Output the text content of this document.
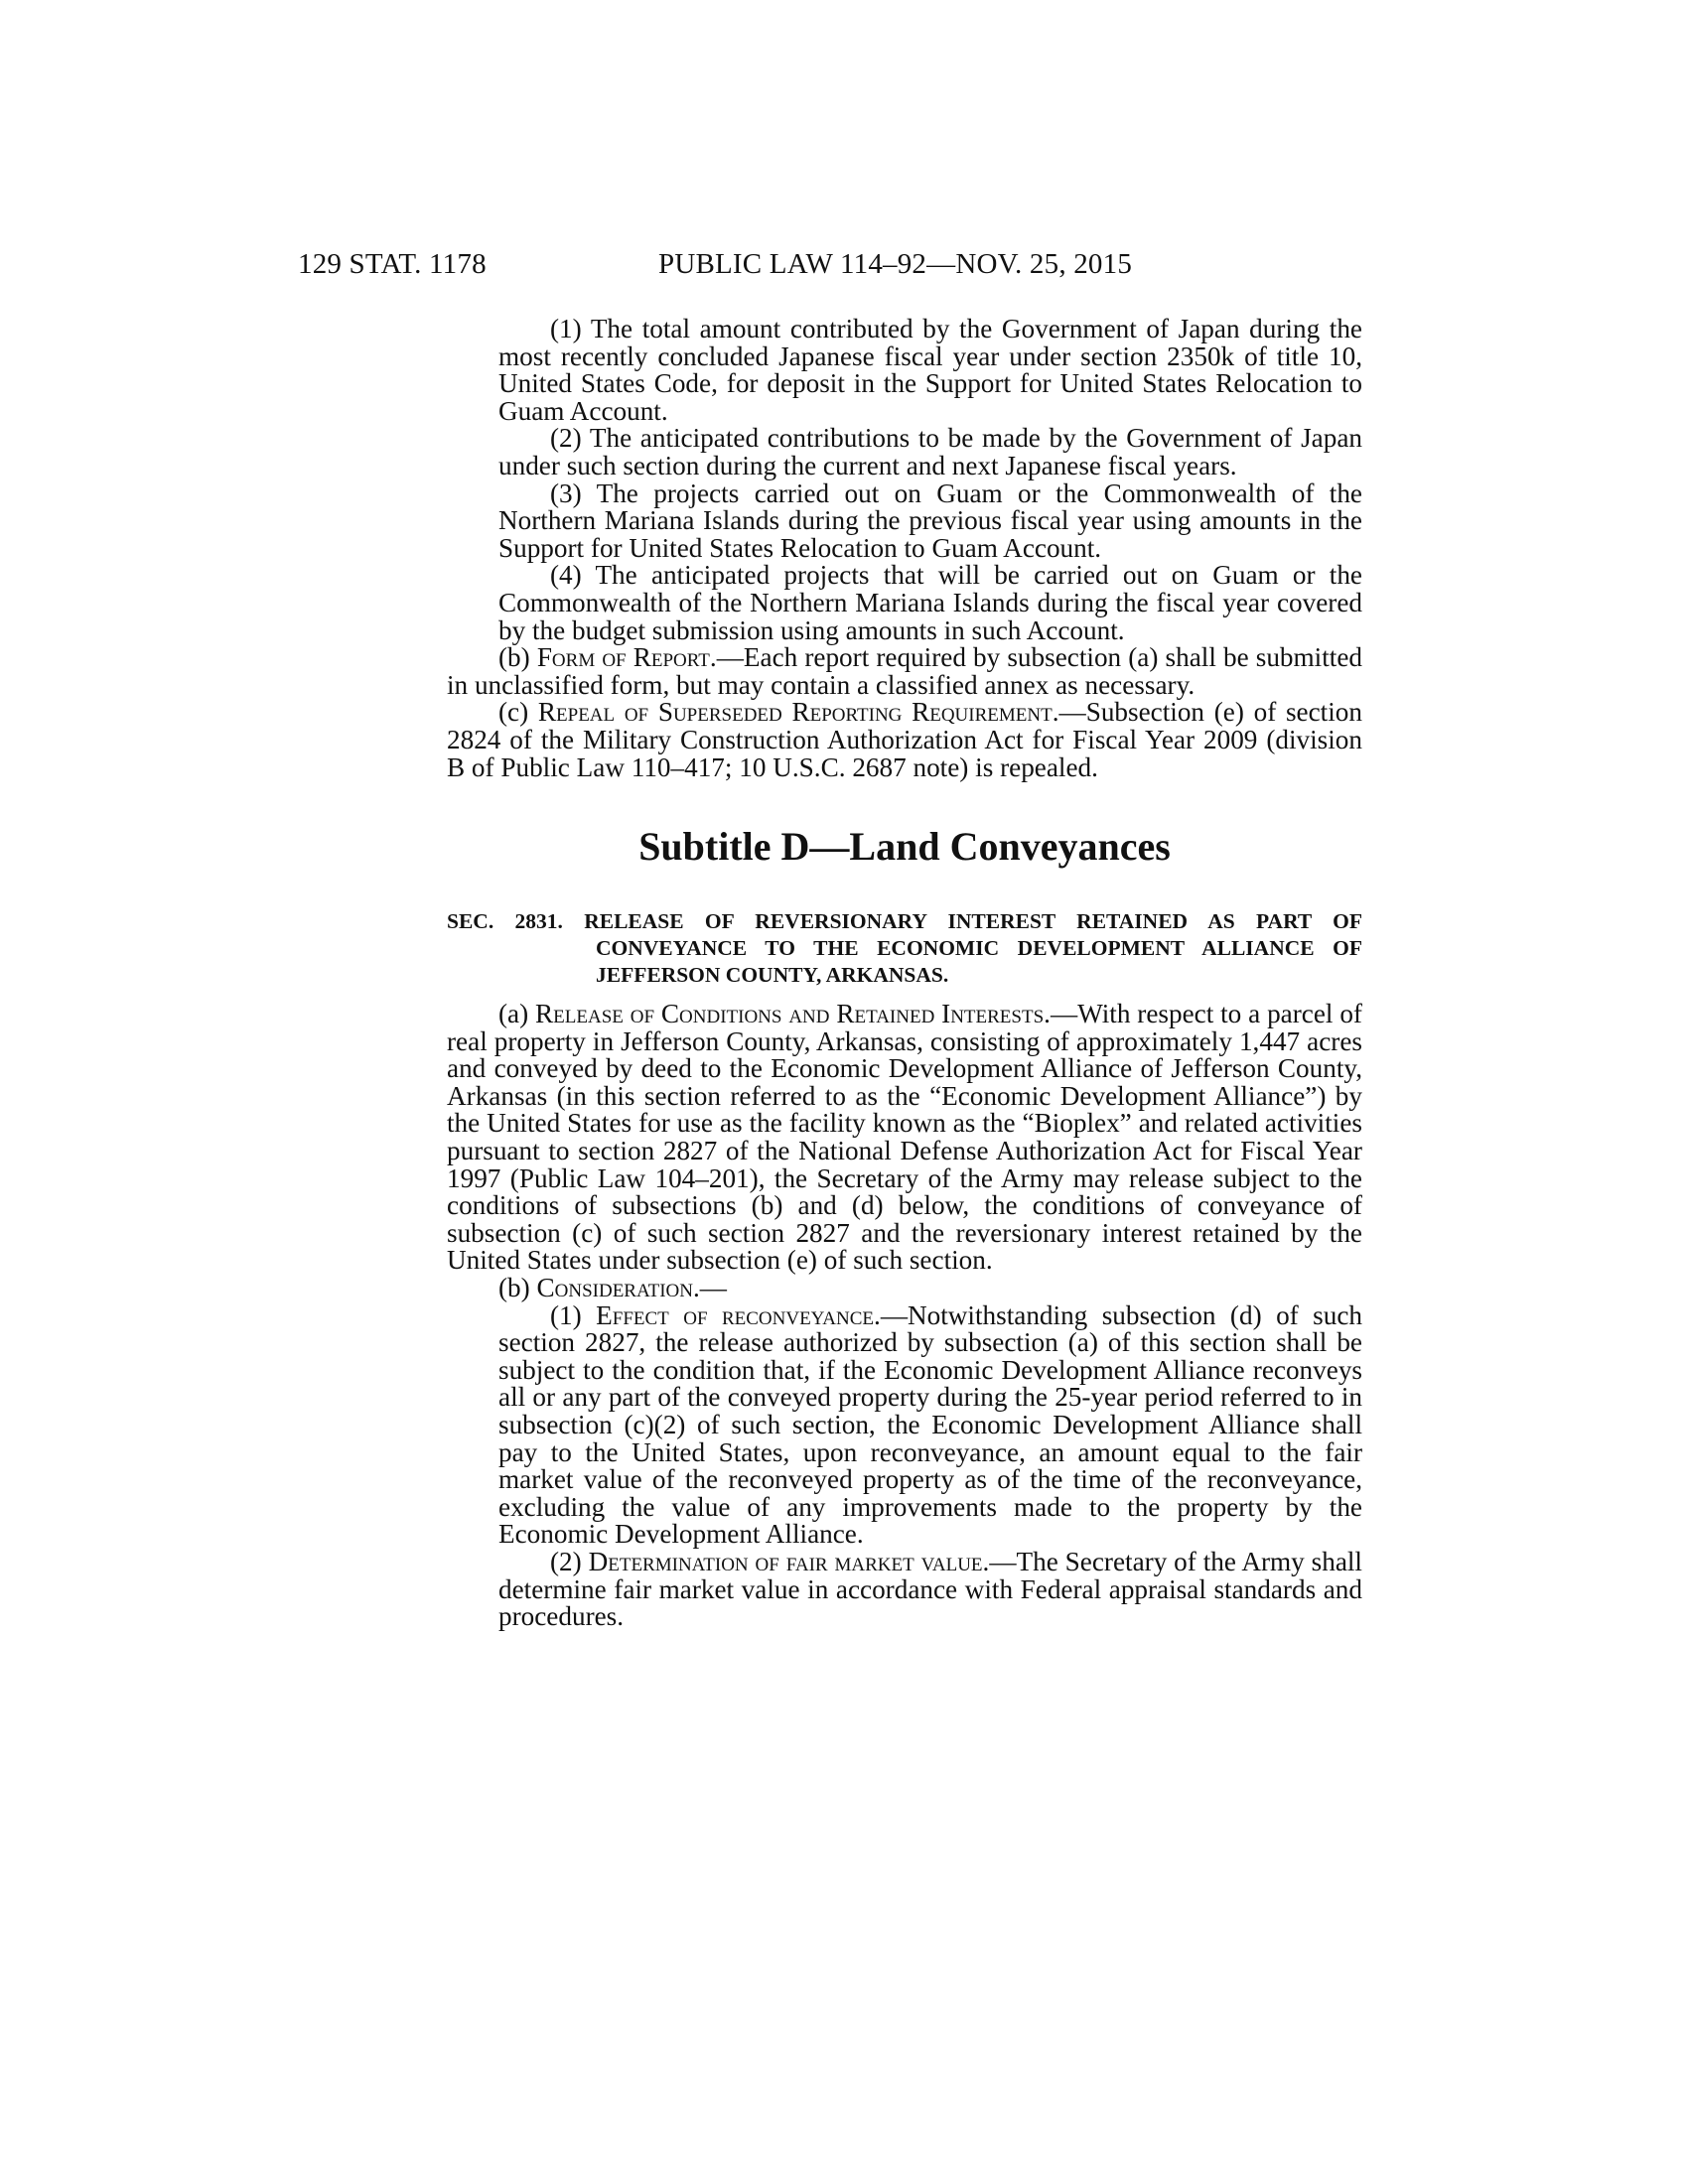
129 STAT. 1178	PUBLIC LAW 114–92—NOV. 25, 2015

(1) The total amount contributed by the Government of Japan during the most recently concluded Japanese fiscal year under section 2350k of title 10, United States Code, for deposit in the Support for United States Relocation to Guam Account.

(2) The anticipated contributions to be made by the Government of Japan under such section during the current and next Japanese fiscal years.

(3) The projects carried out on Guam or the Commonwealth of the Northern Mariana Islands during the previous fiscal year using amounts in the Support for United States Relocation to Guam Account.

(4) The anticipated projects that will be carried out on Guam or the Commonwealth of the Northern Mariana Islands during the fiscal year covered by the budget submission using amounts in such Account.

(b) Form of Report.—Each report required by subsection (a) shall be submitted in unclassified form, but may contain a classified annex as necessary.

(c) Repeal of Superseded Reporting Requirement.—Subsection (e) of section 2824 of the Military Construction Authorization Act for Fiscal Year 2009 (division B of Public Law 110–417; 10 U.S.C. 2687 note) is repealed.

Subtitle D—Land Conveyances

SEC. 2831. RELEASE OF REVERSIONARY INTEREST RETAINED AS PART OF CONVEYANCE TO THE ECONOMIC DEVELOPMENT ALLIANCE OF JEFFERSON COUNTY, ARKANSAS.

(a) Release of Conditions and Retained Interests.—With respect to a parcel of real property in Jefferson County, Arkansas, consisting of approximately 1,447 acres and conveyed by deed to the Economic Development Alliance of Jefferson County, Arkansas (in this section referred to as the “Economic Development Alliance”) by the United States for use as the facility known as the “Bioplex” and related activities pursuant to section 2827 of the National Defense Authorization Act for Fiscal Year 1997 (Public Law 104–201), the Secretary of the Army may release subject to the conditions of subsections (b) and (d) below, the conditions of conveyance of subsection (c) of such section 2827 and the reversionary interest retained by the United States under subsection (e) of such section.

(b) Consideration.—

(1) Effect of reconveyance.—Notwithstanding subsection (d) of such section 2827, the release authorized by subsection (a) of this section shall be subject to the condition that, if the Economic Development Alliance reconveys all or any part of the conveyed property during the 25-year period referred to in subsection (c)(2) of such section, the Economic Development Alliance shall pay to the United States, upon reconveyance, an amount equal to the fair market value of the reconveyed property as of the time of the reconveyance, excluding the value of any improvements made to the property by the Economic Development Alliance.

(2) Determination of fair market value.—The Secretary of the Army shall determine fair market value in accordance with Federal appraisal standards and procedures.
